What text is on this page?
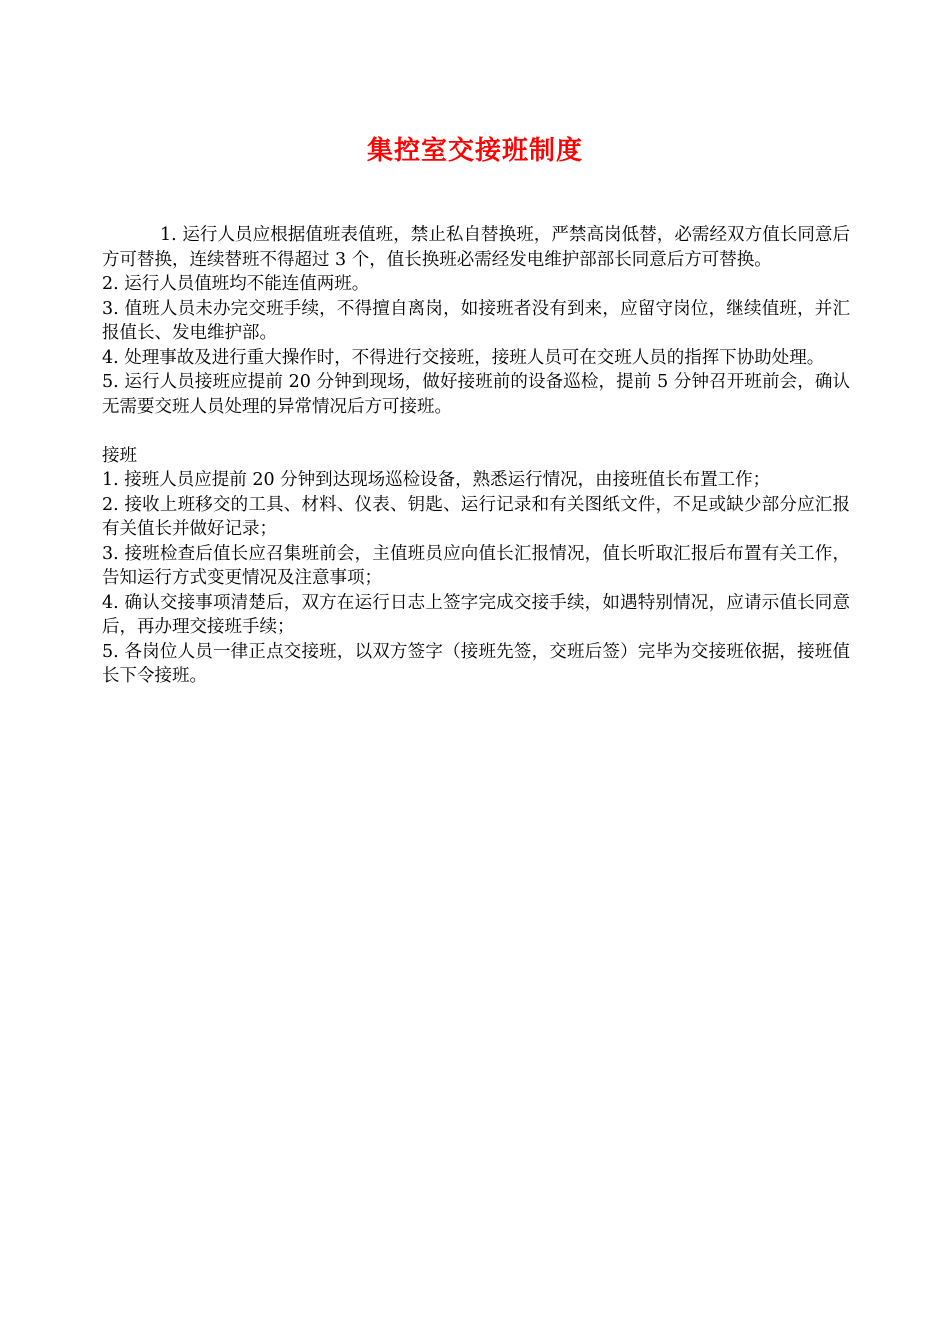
集控室交接班制度

1. 运行人员应根据值班表值班，禁止私自替换班，严禁高岗低替，必需经双方值长同意后方可替换，连续替班不得超过 3 个，值长换班必需经发电维护部部长同意后方可替换。

2. 运行人员值班均不能连值两班。

3. 值班人员未办完交班手续，不得擅自离岗，如接班者没有到来，应留守岗位，继续值班，并汇报值长、发电维护部。

4. 处理事故及进行重大操作时，不得进行交接班，接班人员可在交班人员的指挥下协助处理。

5. 运行人员接班应提前 20 分钟到现场，做好接班前的设备巡检，提前 5 分钟召开班前会，确认无需要交班人员处理的异常情况后方可接班。

接班

1. 接班人员应提前 20 分钟到达现场巡检设备，熟悉运行情况，由接班值长布置工作；

2. 接收上班移交的工具、材料、仪表、钥匙、运行记录和有关图纸文件，不足或缺少部分应汇报有关值长并做好记录；

3. 接班检查后值长应召集班前会，主值班员应向值长汇报情况，值长听取汇报后布置有关工作，告知运行方式变更情况及注意事项；

4. 确认交接事项清楚后，双方在运行日志上签字完成交接手续，如遇特别情况，应请示值长同意后，再办理交接班手续；

5. 各岗位人员一律正点交接班，以双方签字（接班先签，交班后签）完毕为交接班依据，接班值长下令接班。
